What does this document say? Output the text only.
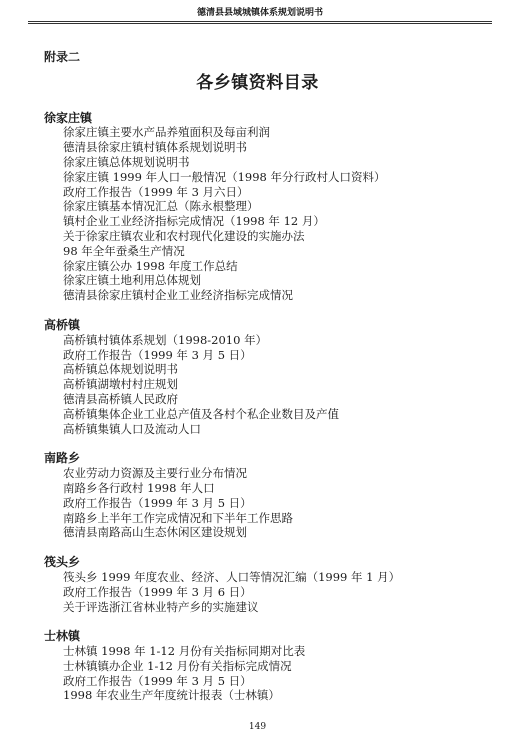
德清县县域城镇体系规划说明书
附录二
各乡镇资料目录
徐家庄镇
徐家庄镇主要水产品养殖面积及每亩利润
德清县徐家庄镇村镇体系规划说明书
徐家庄镇总体规划说明书
徐家庄镇 1999 年人口一般情况（1998 年分行政村人口资料）
政府工作报告（1999 年 3 月六日）
徐家庄镇基本情况汇总（陈永根整理）
镇村企业工业经济指标完成情况（1998 年 12 月）
关于徐家庄镇农业和农村现代化建设的实施办法
98 年全年蚕桑生产情况
徐家庄镇公办 1998 年度工作总结
徐家庄镇土地利用总体规划
德清县徐家庄镇村企业工业经济指标完成情况
高桥镇
高桥镇村镇体系规划（1998-2010 年）
政府工作报告（1999 年 3 月 5 日）
高桥镇总体规划说明书
高桥镇湖墩村村庄规划
德清县高桥镇人民政府
高桥镇集体企业工业总产值及各村个私企业数目及产值
高桥镇集镇人口及流动人口
南路乡
农业劳动力资源及主要行业分布情况
南路乡各行政村 1998 年人口
政府工作报告（1999 年 3 月 5 日）
南路乡上半年工作完成情况和下半年工作思路
德清县南路高山生态休闲区建设规划
筏头乡
筏头乡 1999 年度农业、经济、人口等情况汇编（1999 年 1 月）
政府工作报告（1999 年 3 月 6 日）
关于评选浙江省林业特产乡的实施建议
士林镇
士林镇 1998 年 1-12 月份有关指标同期对比表
士林镇镇办企业 1-12 月份有关指标完成情况
政府工作报告（1999 年 3 月 5 日）
1998 年农业生产年度统计报表（士林镇）
149
